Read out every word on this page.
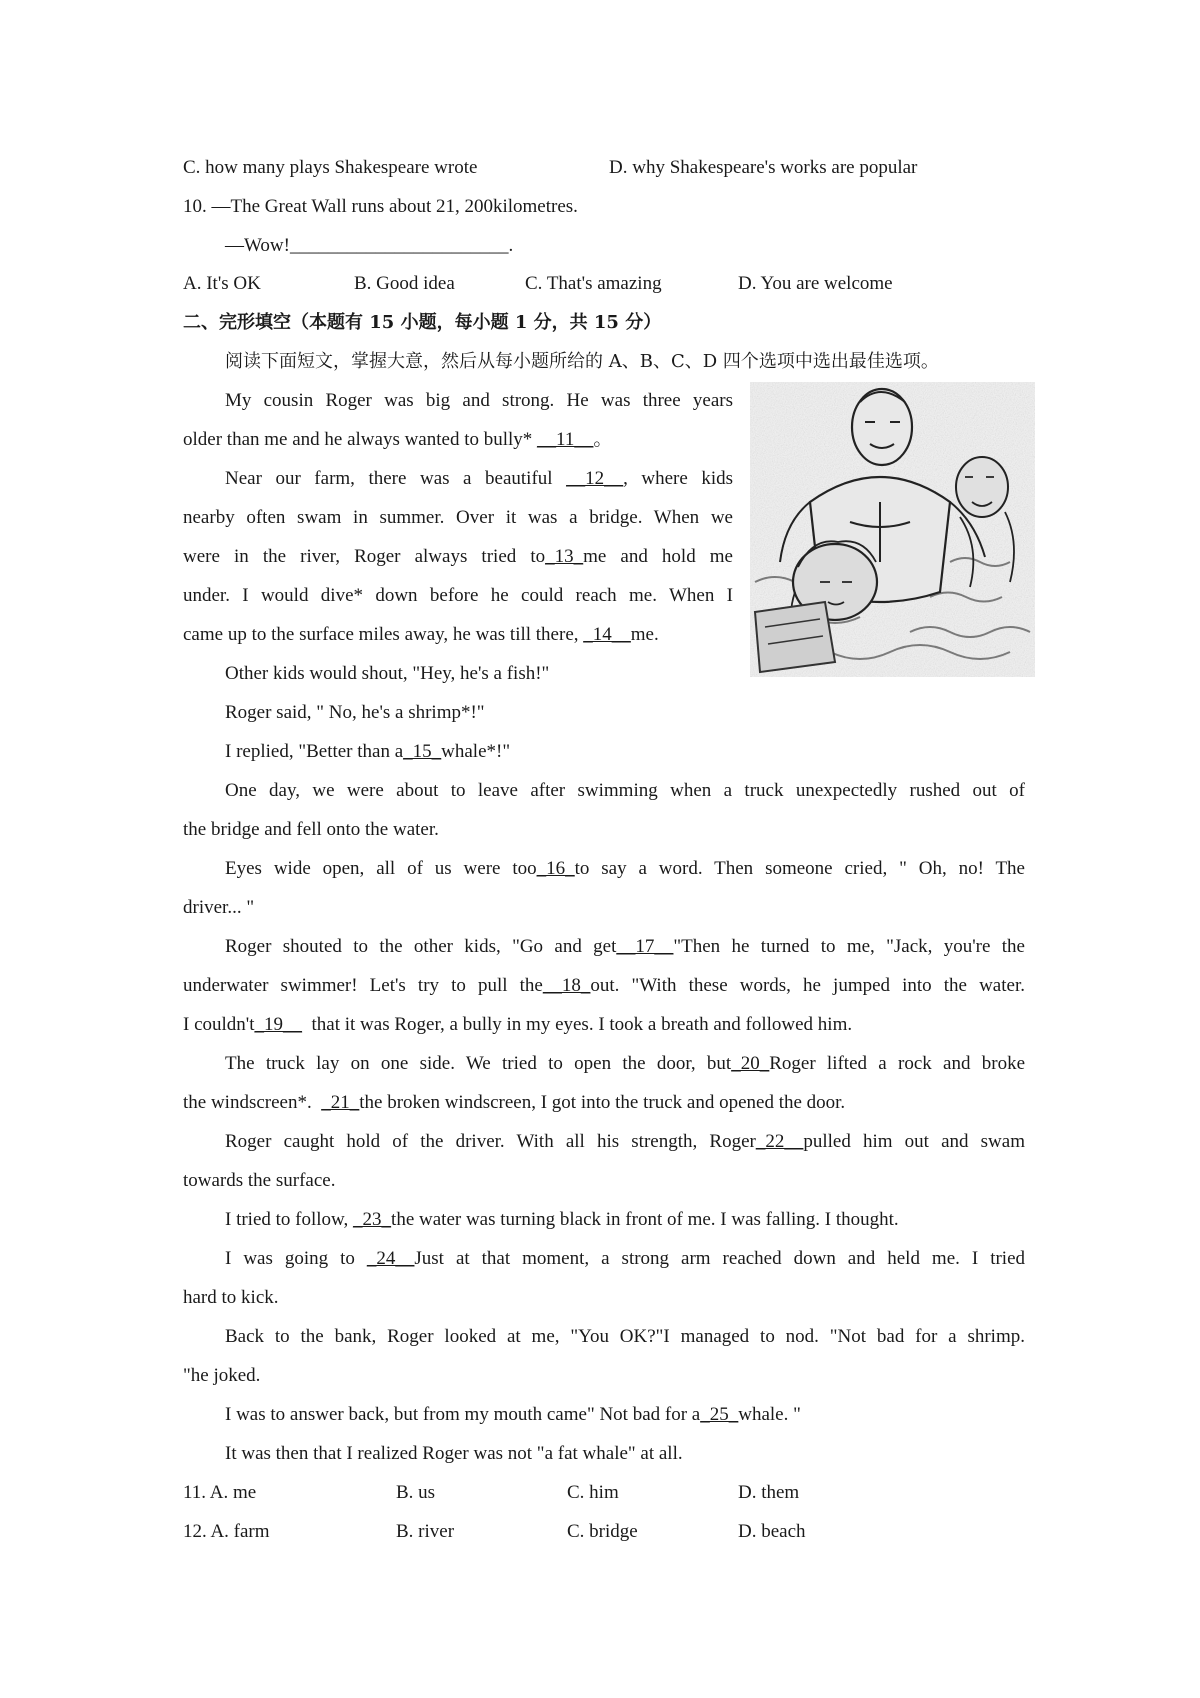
C. how many plays Shakespeare wrote	D. why Shakespeare's works are popular
10. —The Great Wall runs about 21, 200kilometres.
—Wow!_______________________.
A. It's OK	B. Good idea	C. That's amazing	D. You are welcome
二、完形填空（本题有 15 小题，每小题 1 分，共 15 分）
阅读下面短文，掌握大意，然后从每小题所给的 A、B、C、D 四个选项中选出最佳选项。
My cousin Roger was big and strong. He was three years
older than me and he always wanted to bully* __11__。
Near our farm, there was a beautiful __12__, where kids
nearby often swam in summer. Over it was a bridge. When we
were in the river, Roger always tried to_13_me and hold me
under. I would dive* down before he could reach me. When I
came up to the surface miles away, he was till there, _14__me.
Other kids would shout, "Hey, he's a fish!"
Roger said, " No, he's a shrimp*!"
I replied, "Better than a_15_whale*!"
One day, we were about to leave after swimming when a truck unexpectedly rushed out of
the bridge and fell onto the water.
Eyes wide open, all of us were too_16_to say a word. Then someone cried, " Oh, no! The
driver... "
Roger shouted to the other kids, "Go and get__17__"Then he turned to me, "Jack, you're the
underwater swimmer! Let's try to pull the__18_out. "With these words, he jumped into the water.
I couldn't_19__  that it was Roger, a bully in my eyes. I took a breath and followed him.
The truck lay on one side. We tried to open the door, but_20_Roger lifted a rock and broke
the windscreen*.  _21_the broken windscreen, I got into the truck and opened the door.
Roger caught hold of the driver. With all his strength, Roger_22__pulled him out and swam
towards the surface.
I tried to follow, _23_the water was turning black in front of me. I was falling. I thought.
I was going to _24__Just at that moment, a strong arm reached down and held me. I tried
hard to kick.
Back to the bank, Roger looked at me, "You OK?"I managed to nod. "Not bad for a shrimp.
"he joked.
I was to answer back, but from my mouth came" Not bad for a_25_whale. "
It was then that I realized Roger was not "a fat whale" at all.
11. A. me	B. us	C. him	D. them
12. A. farm	B. river	C. bridge	D. beach
